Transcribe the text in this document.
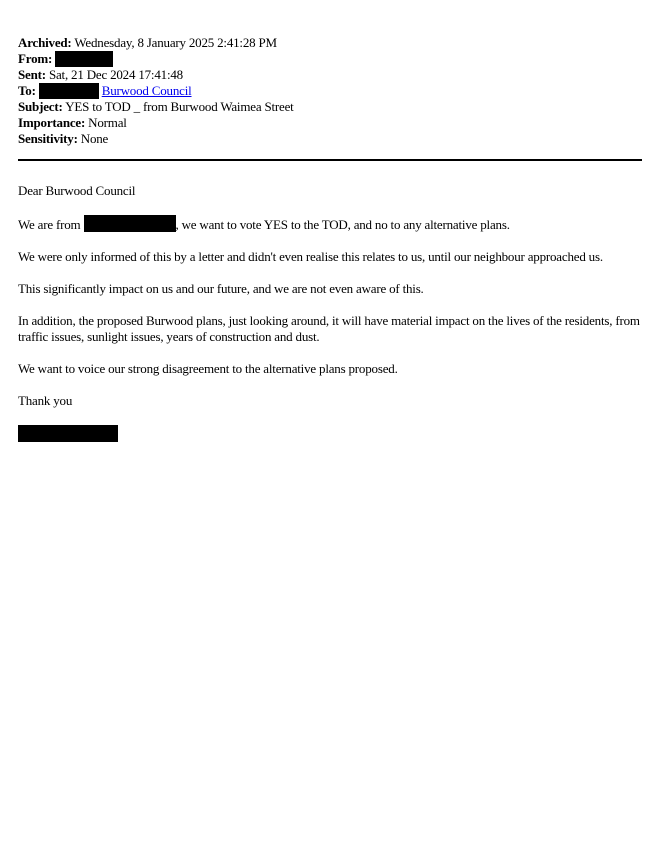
Archived: Wednesday, 8 January 2025 2:41:28 PM
From:
Sent: Sat, 21 Dec 2024 17:41:48
To:	Burwood Council
Subject: YES to TOD _ from Burwood Waimea Street
Importance: Normal
Sensitivity: None

Dear Burwood Council

We are from	, we want to vote YES to the TOD, and no to any alternative plans.

We were only informed of this by a letter and didn't even realise this relates to us, until our neighbour approached us.

This significantly impact on us and our future, and we are not even aware of this.

In addition, the proposed Burwood plans, just looking around, it will have material impact on the lives of the residents, from
traffic issues, sunlight issues, years of construction and dust.

We want to voice our strong disagreement to the alternative plans proposed.

Thank you
